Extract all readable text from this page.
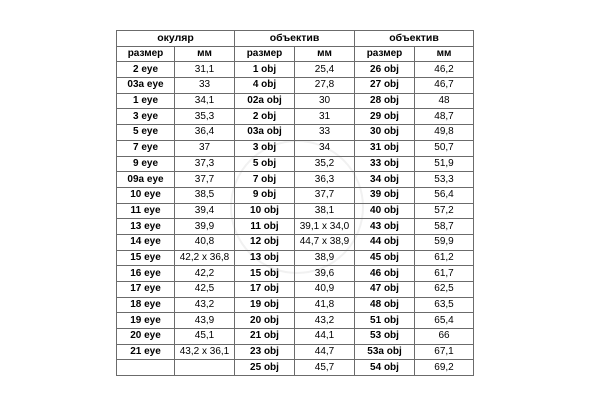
окуляр		объектив		объектив	
размер	мм	размер	мм	размер	мм
2 eye	31,1	1 obj	25,4	26 obj	46,2
03a eye	33	4 obj	27,8	27 obj	46,7
1 eye	34,1	02a obj	30	28 obj	48
3 eye	35,3	2 obj	31	29 obj	48,7
5 eye	36,4	03a obj	33	30 obj	49,8
7 eye	37	3 obj	34	31 obj	50,7
9 eye	37,3	5 obj	35,2	33 obj	51,9
09a eye	37,7	7 obj	36,3	34 obj	53,3
10 eye	38,5	9 obj	37,7	39 obj	56,4
11 eye	39,4	10 obj	38,1	40 obj	57,2
13 eye	39,9	11 obj	39,1 x 34,0	43 obj	58,7
14 eye	40,8	12 obj	44,7 x 38,9	44 obj	59,9
15 eye	42,2 x 36,8	13 obj	38,9	45 obj	61,2
16 eye	42,2	15 obj	39,6	46 obj	61,7
17 eye	42,5	17 obj	40,9	47 obj	62,5
18 eye	43,2	19 obj	41,8	48 obj	63,5
19 eye	43,9	20 obj	43,2	51 obj	65,4
20 eye	45,1	21 obj	44,1	53 obj	66
21 eye	43,2 x 36,1	23 obj	44,7	53a obj	67,1
		25 obj	45,7	54 obj	69,2
